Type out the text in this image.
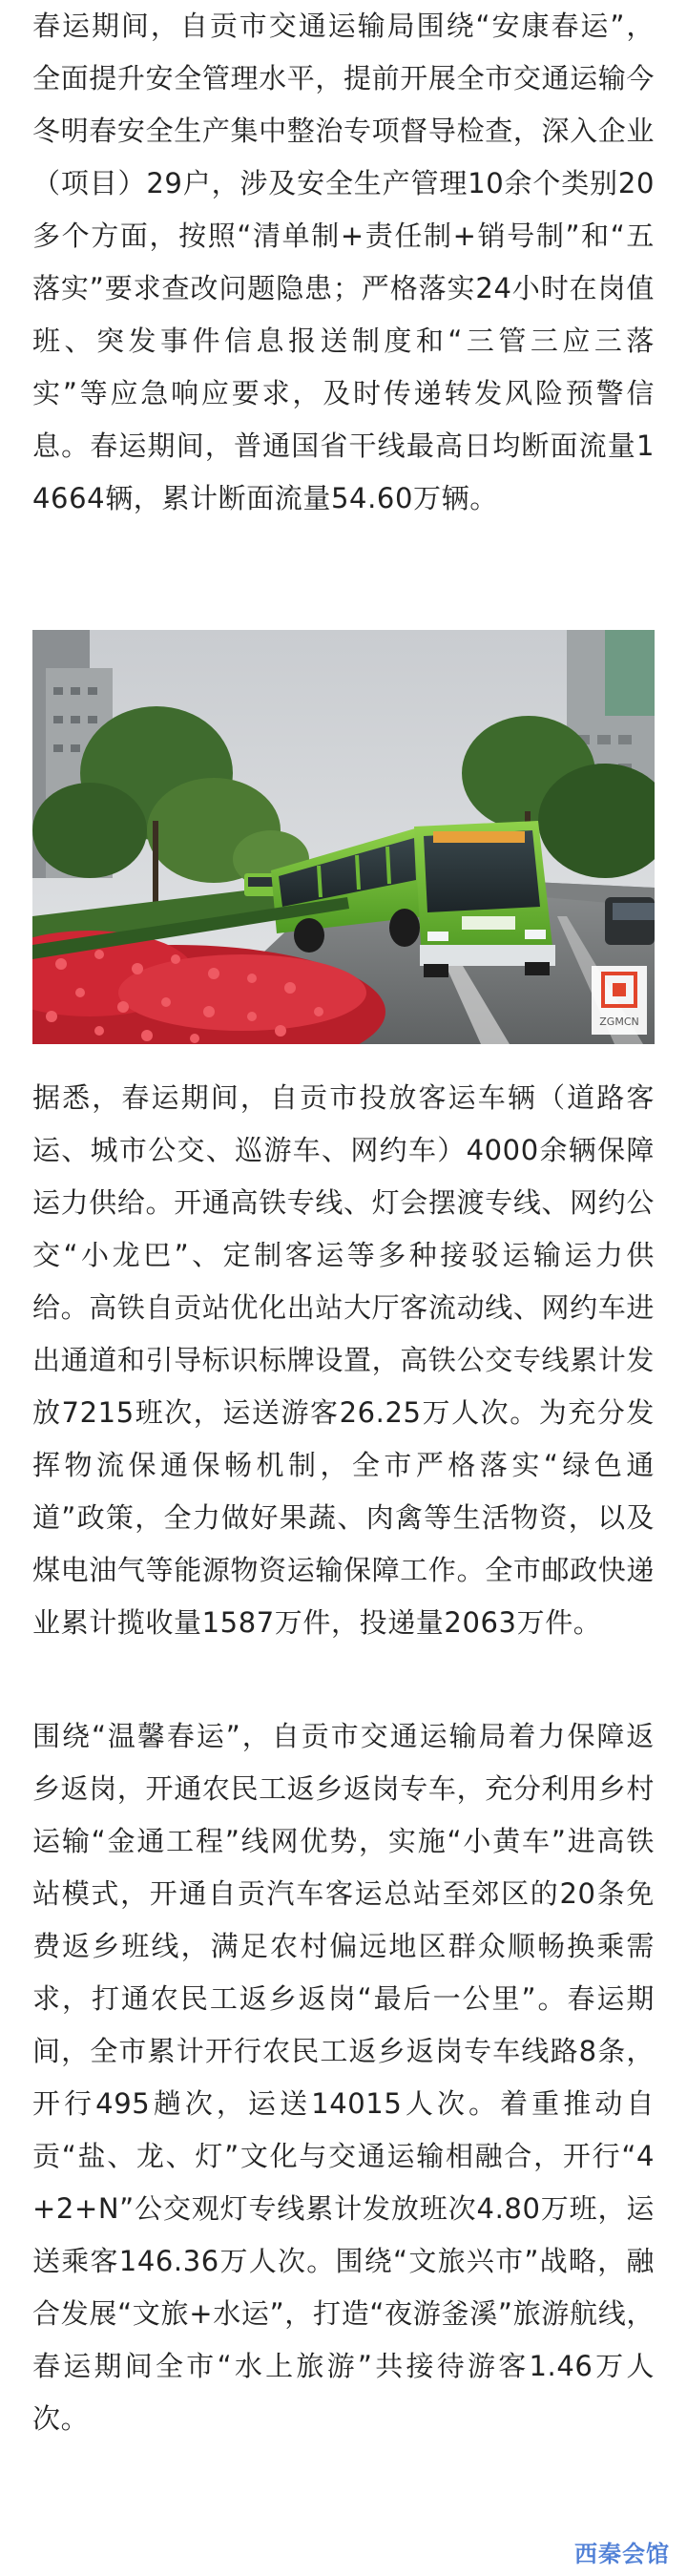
春运期间，自贡市交通运输局围绕“安康春运”，全面提升安全管理水平，提前开展全市交通运输今冬明春安全生产集中整治专项督导检查，深入企业（项目）29户，涉及安全生产管理10余个类别20多个方面，按照“清单制+责任制+销号制”和“五落实”要求查改问题隐患；严格落实24小时在岗值班、突发事件信息报送制度和“三管三应三落实”等应急响应要求，及时传递转发风险预警信息。春运期间，普通国省干线最高日均断面流量14664辆，累计断面流量54.60万辆。

ZGMCN

据悉，春运期间，自贡市投放客运车辆（道路客运、城市公交、巡游车、网约车）4000余辆保障运力供给。开通高铁专线、灯会摆渡专线、网约公交“小龙巴”、定制客运等多种接驳运输运力供给。高铁自贡站优化出站大厅客流动线、网约车进出通道和引导标识标牌设置，高铁公交专线累计发放7215班次，运送游客26.25万人次。为充分发挥物流保通保畅机制，全市严格落实“绿色通道”政策，全力做好果蔬、肉禽等生活物资，以及煤电油气等能源物资运输保障工作。全市邮政快递业累计揽收量1587万件，投递量2063万件。

围绕“温馨春运”，自贡市交通运输局着力保障返乡返岗，开通农民工返乡返岗专车，充分利用乡村运输“金通工程”线网优势，实施“小黄车”进高铁站模式，开通自贡汽车客运总站至郊区的20条免费返乡班线，满足农村偏远地区群众顺畅换乘需求，打通农民工返乡返岗“最后一公里”。春运期间，全市累计开行农民工返乡返岗专车线路8条，开行495趟次，运送14015人次。着重推动自贡“盐、龙、灯”文化与交通运输相融合，开行“4+2+N”公交观灯专线累计发放班次4.80万班，运送乘客146.36万人次。围绕“文旅兴市”战略，融合发展“文旅+水运”，打造“夜游釜溪”旅游航线，春运期间全市“水上旅游”共接待游客1.46万人次。

西秦会馆
